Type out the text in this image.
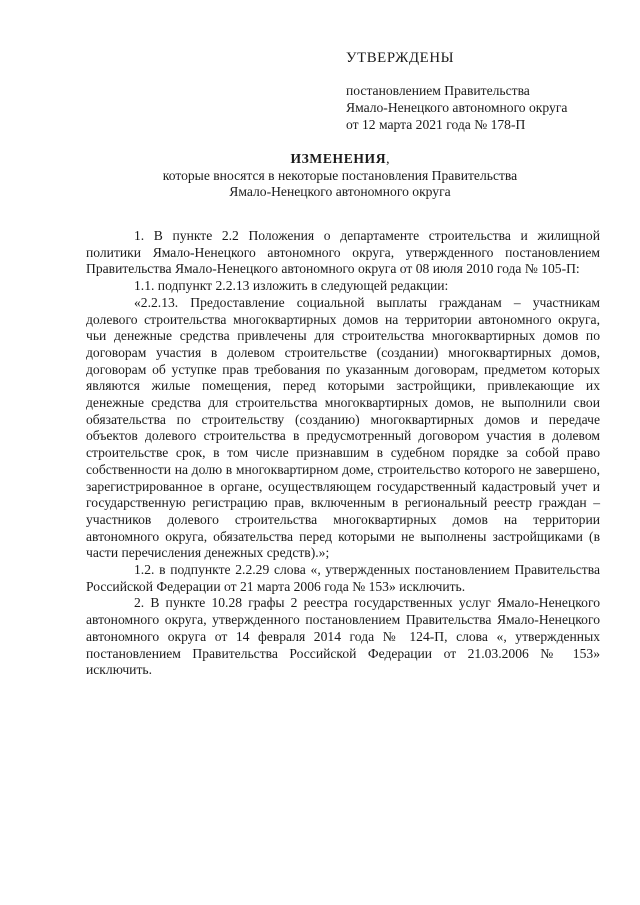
УТВЕРЖДЕНЫ
постановлением Правительства
Ямало-Ненецкого автономного округа
от 12 марта 2021 года № 178-П
ИЗМЕНЕНИЯ,
которые вносятся в некоторые постановления Правительства
Ямало-Ненецкого автономного округа

1. В пункте 2.2 Положения о департаменте строительства и жилищной политики Ямало-Ненецкого автономного округа, утвержденного постановлением Правительства Ямало-Ненецкого автономного округа от 08 июля 2010 года № 105-П:

1.1. подпункт 2.2.13 изложить в следующей редакции:

«2.2.13. Предоставление социальной выплаты гражданам – участникам долевого строительства многоквартирных домов на территории автономного округа, чьи денежные средства привлечены для строительства многоквартирных домов по договорам участия в долевом строительстве (создании) многоквартирных домов, договорам об уступке прав требования по указанным договорам, предметом которых являются жилые помещения, перед которыми застройщики, привлекающие их денежные средства для строительства многоквартирных домов, не выполнили свои обязательства по строительству (созданию) многоквартирных домов и передаче объектов долевого строительства в предусмотренный договором участия в долевом строительстве срок, в том числе признавшим в судебном порядке за собой право собственности на долю в многоквартирном доме, строительство которого не завершено, зарегистрированное в органе, осуществляющем государственный кадастровый учет и государственную регистрацию прав, включенным в региональный реестр граждан – участников долевого строительства многоквартирных домов на территории автономного округа, обязательства перед которыми не выполнены застройщиками (в части перечисления денежных средств).»;

1.2. в подпункте 2.2.29 слова «, утвержденных постановлением Правительства Российской Федерации от 21 марта 2006 года № 153» исключить.

2. В пункте 10.28 графы 2 реестра государственных услуг Ямало-Ненецкого автономного округа, утвержденного постановлением Правительства Ямало-Ненецкого автономного округа от 14 февраля 2014 года № 124-П, слова «, утвержденных постановлением Правительства Российской Федерации от 21.03.2006 № 153» исключить.
